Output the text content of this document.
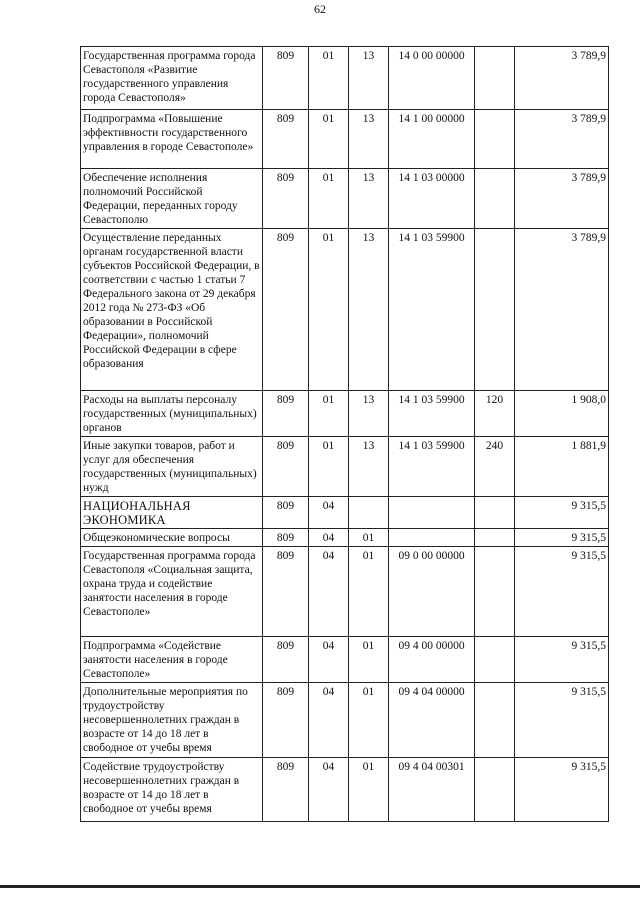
62
Государственная программа города Севастополя «Развитие государственного управления города Севастополя»	809	01	13	14 0 00 00000		3 789,9
Подпрограмма «Повышение эффективности государственного управления в городе Севастополе»	809	01	13	14 1 00 00000		3 789,9
Обеспечение исполнения полномочий Российской Федерации, переданных городу Севастополю	809	01	13	14 1 03 00000		3 789,9
Осуществление переданных органам государственной власти субъектов Российской Федерации, в соответствии с частью 1 статьи 7 Федерального закона от 29 декабря 2012 года № 273-ФЗ «Об образовании в Российской Федерации», полномочий Российской Федерации в сфере образования	809	01	13	14 1 03 59900		3 789,9
Расходы на выплаты персоналу государственных (муниципальных) органов	809	01	13	14 1 03 59900	120	1 908,0
Иные закупки товаров, работ и услуг для обеспечения государственных (муниципальных) нужд	809	01	13	14 1 03 59900	240	1 881,9
НАЦИОНАЛЬНАЯ ЭКОНОМИКА	809	04				9 315,5
Общеэкономические вопросы	809	04	01			9 315,5
Государственная программа города Севастополя «Социальная защита, охрана труда и содействие занятости населения в городе Севастополе»	809	04	01	09 0 00 00000		9 315,5
Подпрограмма «Содействие занятости населения в городе Севастополе»	809	04	01	09 4 00 00000		9 315,5
Дополнительные мероприятия по трудоустройству несовершеннолетних граждан в возрасте от 14 до 18 лет в свободное от учебы время	809	04	01	09 4 04 00000		9 315,5
Содействие трудоустройству несовершеннолетних граждан в возрасте от 14 до 18 лет в свободное от учебы время	809	04	01	09 4 04 00301		9 315,5
